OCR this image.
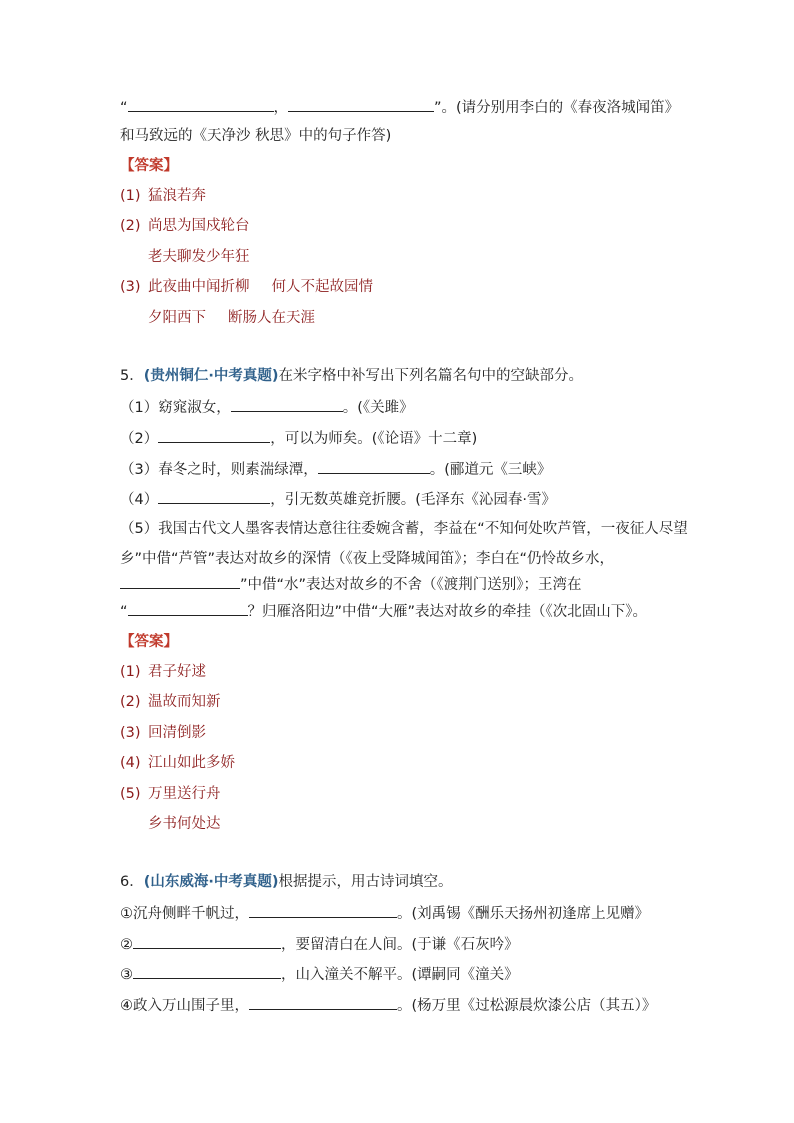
“	，	”。(请分别用李白的《春夜洛城闻笛》
和马致远的《天净沙 秋思》中的句子作答)
【答案】
(1) 猛浪若奔
(2) 尚思为国戍轮台
老夫聊发少年狂
(3) 此夜曲中闻折柳 何人不起故园情
夕阳西下 断肠人在天涯
5．(贵州铜仁·中考真题)在米字格中补写出下列名篇名句中的空缺部分。
（1）窈窕淑女，	。(《关雎》
（2）	，可以为师矣。(《论语》十二章)
（3）春冬之时，则素湍绿潭，	。(郦道元《三峡》
（4）	，引无数英雄竞折腰。(毛泽东《沁园春·雪》
（5）我国古代文人墨客表情达意往往委婉含蓄，李益在“不知何处吹芦管，一夜征人尽望
乡”中借“芦管”表达对故乡的深情（《夜上受降城闻笛》；李白在“仍怜故乡水，
”中借“水”表达对故乡的不舍（《渡荆门送别》；王湾在
“	？归雁洛阳边”中借“大雁”表达对故乡的牵挂（《次北固山下》。
【答案】
(1) 君子好逑
(2) 温故而知新
(3) 回清倒影
(4) 江山如此多娇
(5) 万里送行舟
乡书何处达
6．(山东威海·中考真题)根据提示，用古诗词填空。
①沉舟侧畔千帆过，	。(刘禹锡《酬乐天扬州初逢席上见赠》
②	，要留清白在人间。(于谦《石灰吟》
③	，山入潼关不解平。(谭嗣同《潼关》
④政入万山围子里，	。(杨万里《过松源晨炊漆公店（其五）》
